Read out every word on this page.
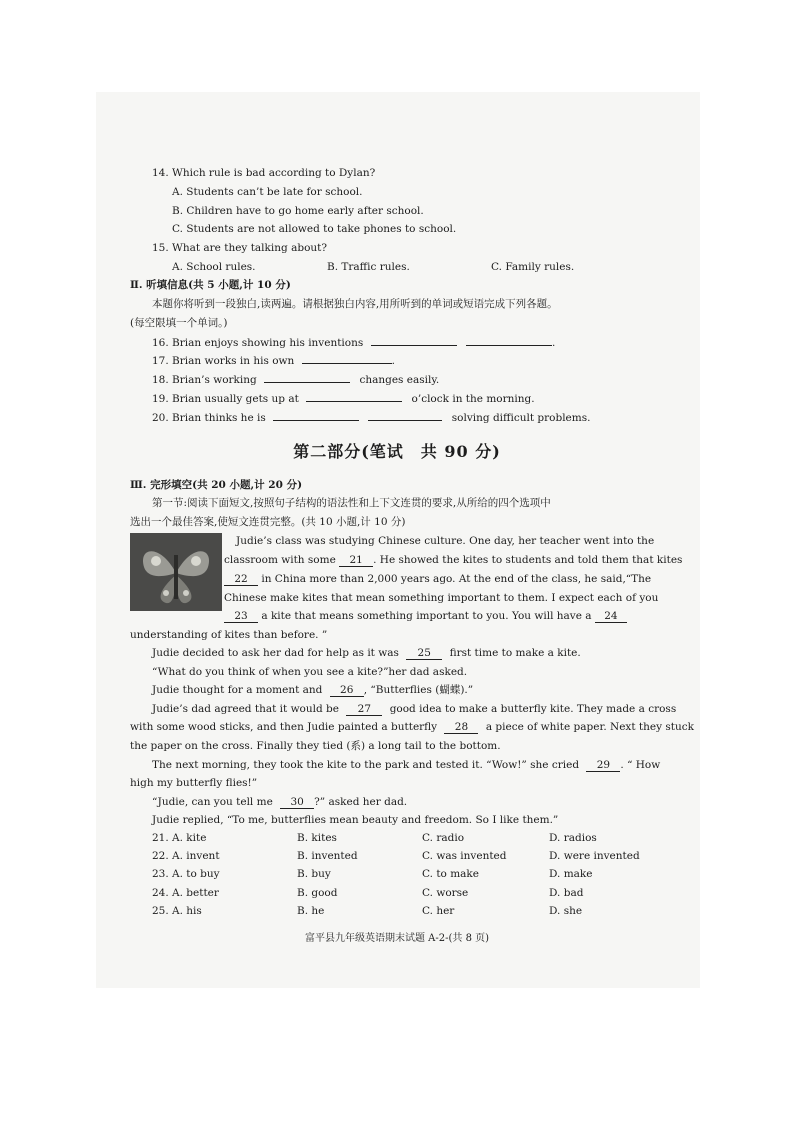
14. Which rule is bad according to Dylan?
A. Students can’t be late for school.
B. Children have to go home early after school.
C. Students are not allowed to take phones to school.
15. What are they talking about?
A. School rules.	B. Traffic rules.	C. Family rules.
Ⅱ. 听填信息(共 5 小题,计 10 分)
本题你将听到一段独白,读两遍。请根据独白内容,用所听到的单词或短语完成下列各题。
(每空限填一个单词。)
16. Brian enjoys showing his inventions	.
17. Brian works in his own	.
18. Brian’s working	changes easily.
19. Brian usually gets up at	o’clock in the morning.
20. Brian thinks he is	solving difficult problems.
第二部分(笔试　共 90 分)
Ⅲ. 完形填空(共 20 小题,计 20 分)
第一节:阅读下面短文,按照句子结构的语法性和上下文连贯的要求,从所给的四个选项中
选出一个最佳答案,使短文连贯完整。(共 10 小题,计 10 分)
Judie’s class was studying Chinese culture. One day, her teacher went into the
classroom with some 21 . He showed the kites to students and told them that kites
22 in China more than 2,000 years ago. At the end of the class, he said,“The
Chinese make kites that mean something important to them. I expect each of you
23 a kite that means something important to you. You will have a 24
understanding of kites than before. ”
Judie decided to ask her dad for help as it was 25 first time to make a kite.
“What do you think of when you see a kite?”her dad asked.
Judie thought for a moment and 26 , “Butterflies (蝴蝶).”
Judie’s dad agreed that it would be 27 good idea to make a butterfly kite. They made a cross
with some wood sticks, and then Judie painted a butterfly 28 a piece of white paper. Next they stuck
the paper on the cross. Finally they tied (系) a long tail to the bottom.
The next morning, they took the kite to the park and tested it. “Wow!” she cried 29 . “ How
high my butterfly flies!”
“Judie, can you tell me 30 ?” asked her dad.
Judie replied, “To me, butterflies mean beauty and freedom. So I like them.”
21. A. kite	B. kites	C. radio	D. radios
22. A. invent	B. invented	C. was invented	D. were invented
23. A. to buy	B. buy	C. to make	D. make
24. A. better	B. good	C. worse	D. bad
25. A. his	B. he	C. her	D. she
富平县九年级英语期末试题 A-2-(共 8 页)
